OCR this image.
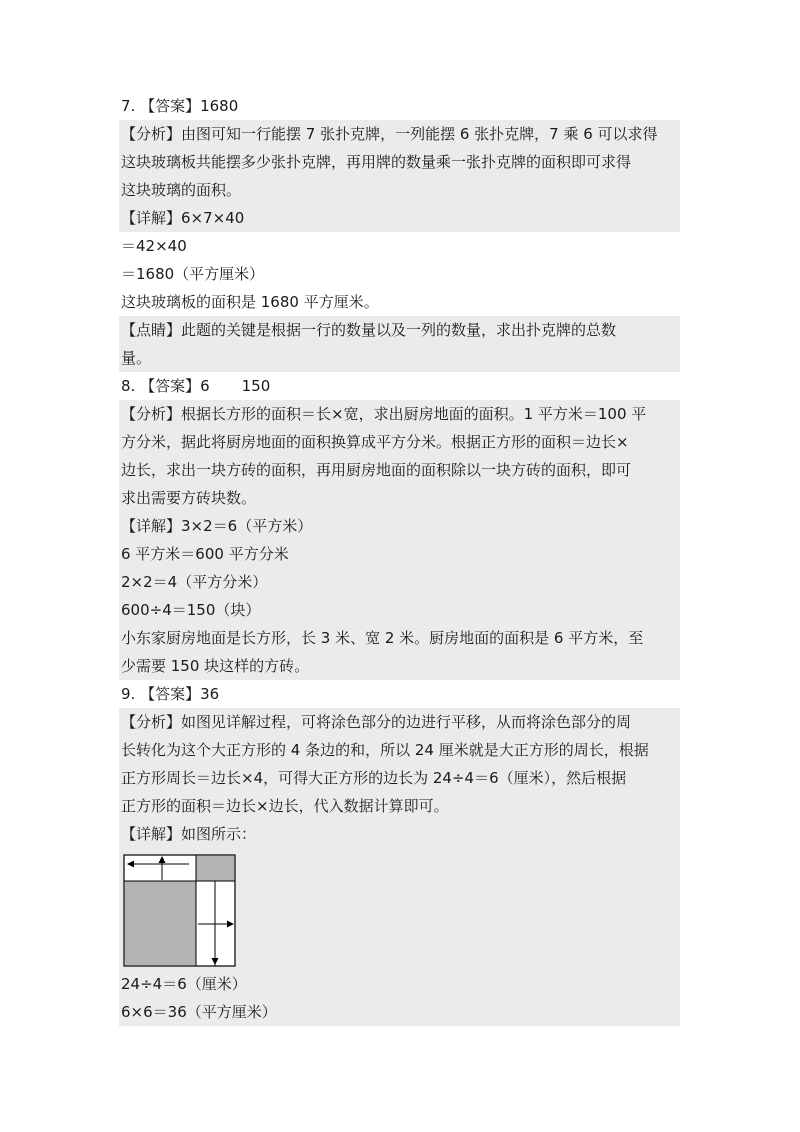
7. 【答案】1680
【分析】由图可知一行能摆 7 张扑克牌，一列能摆 6 张扑克牌，7 乘 6 可以求得
这块玻璃板共能摆多少张扑克牌，再用牌的数量乘一张扑克牌的面积即可求得
这块玻璃的面积。
【详解】6×7×40
＝42×40
＝1680（平方厘米）
这块玻璃板的面积是 1680 平方厘米。
【点睛】此题的关键是根据一行的数量以及一列的数量，求出扑克牌的总数
量。
8. 【答案】6 150
【分析】根据长方形的面积＝长×宽，求出厨房地面的面积。1 平方米＝100 平
方分米，据此将厨房地面的面积换算成平方分米。根据正方形的面积＝边长×
边长，求出一块方砖的面积，再用厨房地面的面积除以一块方砖的面积，即可
求出需要方砖块数。
【详解】3×2＝6（平方米）
6 平方米＝600 平方分米
2×2＝4（平方分米）
600÷4＝150（块）
小东家厨房地面是长方形，长 3 米、宽 2 米。厨房地面的面积是 6 平方米，至
少需要 150 块这样的方砖。
9. 【答案】36
【分析】如图见详解过程，可将涂色部分的边进行平移，从而将涂色部分的周
长转化为这个大正方形的 4 条边的和，所以 24 厘米就是大正方形的周长，根据
正方形周长＝边长×4，可得大正方形的边长为 24÷4＝6（厘米），然后根据
正方形的面积＝边长×边长，代入数据计算即可。
【详解】如图所示：
24÷4＝6（厘米）
6×6＝36（平方厘米）
